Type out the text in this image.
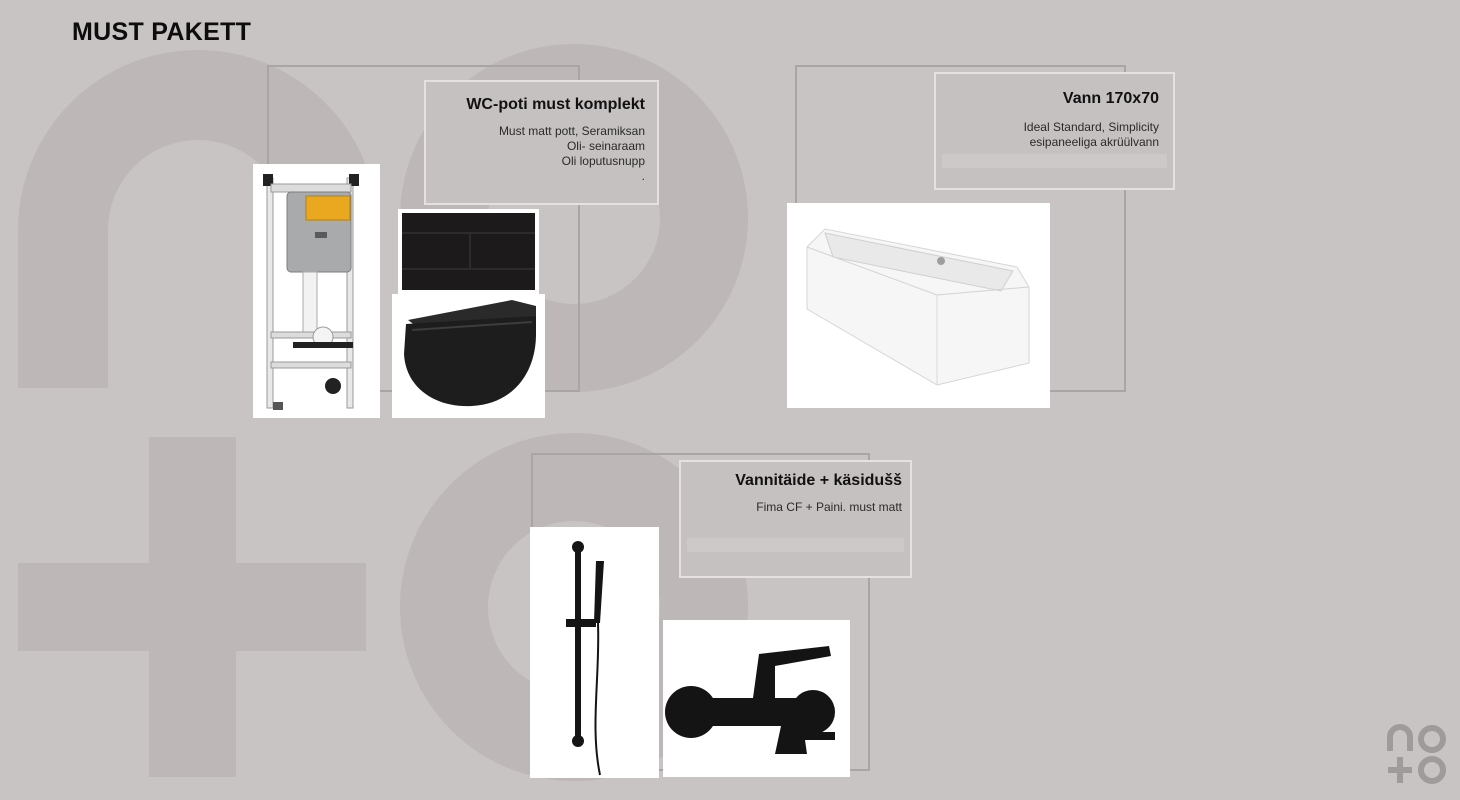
MUST PAKETT
WC-poti must komplekt
Must matt pott, Seramiksan
Oli- seinaraam
Oli loputusnupp
.
Vann 170x70
Ideal Standard, Simplicity
esipaneeliga akrüülvann
Vannitäide + käsidušš
Fima CF + Paini. must matt
